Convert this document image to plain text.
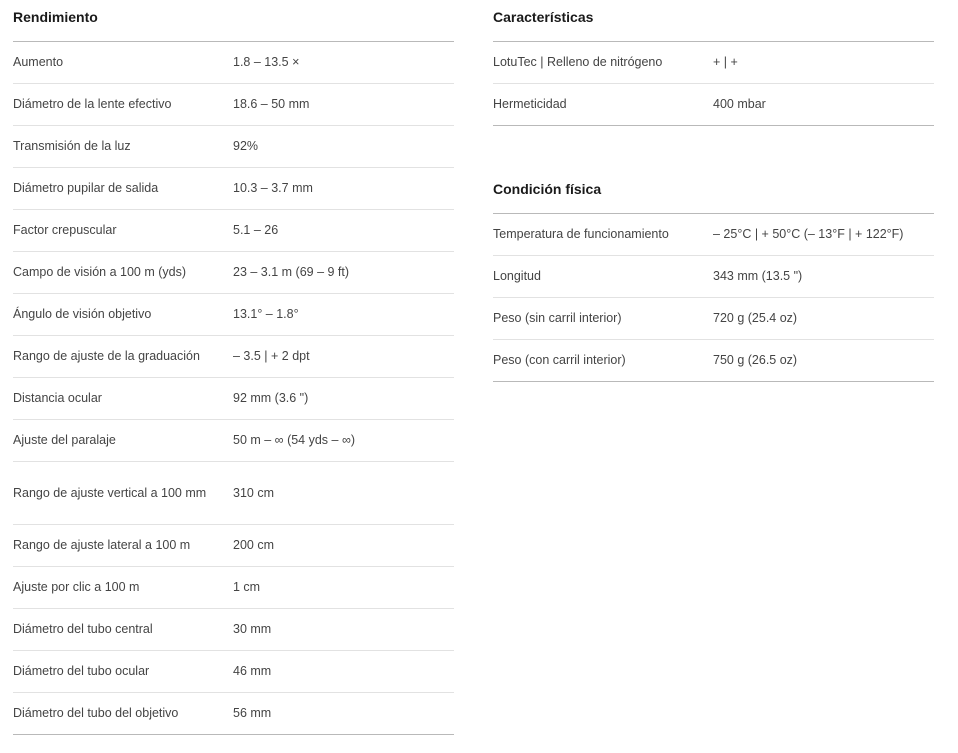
Rendimiento
Aumento	1.8 – 13.5 ×
Diámetro de la lente efectivo	18.6 – 50 mm
Transmisión de la luz	92%
Diámetro pupilar de salida	10.3 – 3.7 mm
Factor crepuscular	5.1 – 26
Campo de visión a 100 m (yds)	23 – 3.1 m (69 – 9 ft)
Ángulo de visión objetivo	13.1° – 1.8°
Rango de ajuste de la graduación	– 3.5 | + 2 dpt
Distancia ocular	92 mm (3.6 ")
Ajuste del paralaje	50 m – ∞ (54 yds – ∞)
Rango de ajuste vertical a 100 mm	310 cm
Rango de ajuste lateral a 100 m	200 cm
Ajuste por clic a 100 m	1 cm
Diámetro del tubo central	30 mm
Diámetro del tubo ocular	46 mm
Diámetro del tubo del objetivo	56 mm
Características
LotuTec | Relleno de nitrógeno	+ | +
Hermeticidad	400 mbar
Condición física
Temperatura de funcionamiento	– 25°C | + 50°C (– 13°F | + 122°F)
Longitud	343 mm (13.5 ")
Peso (sin carril interior)	720 g (25.4 oz)
Peso (con carril interior)	750 g (26.5 oz)
